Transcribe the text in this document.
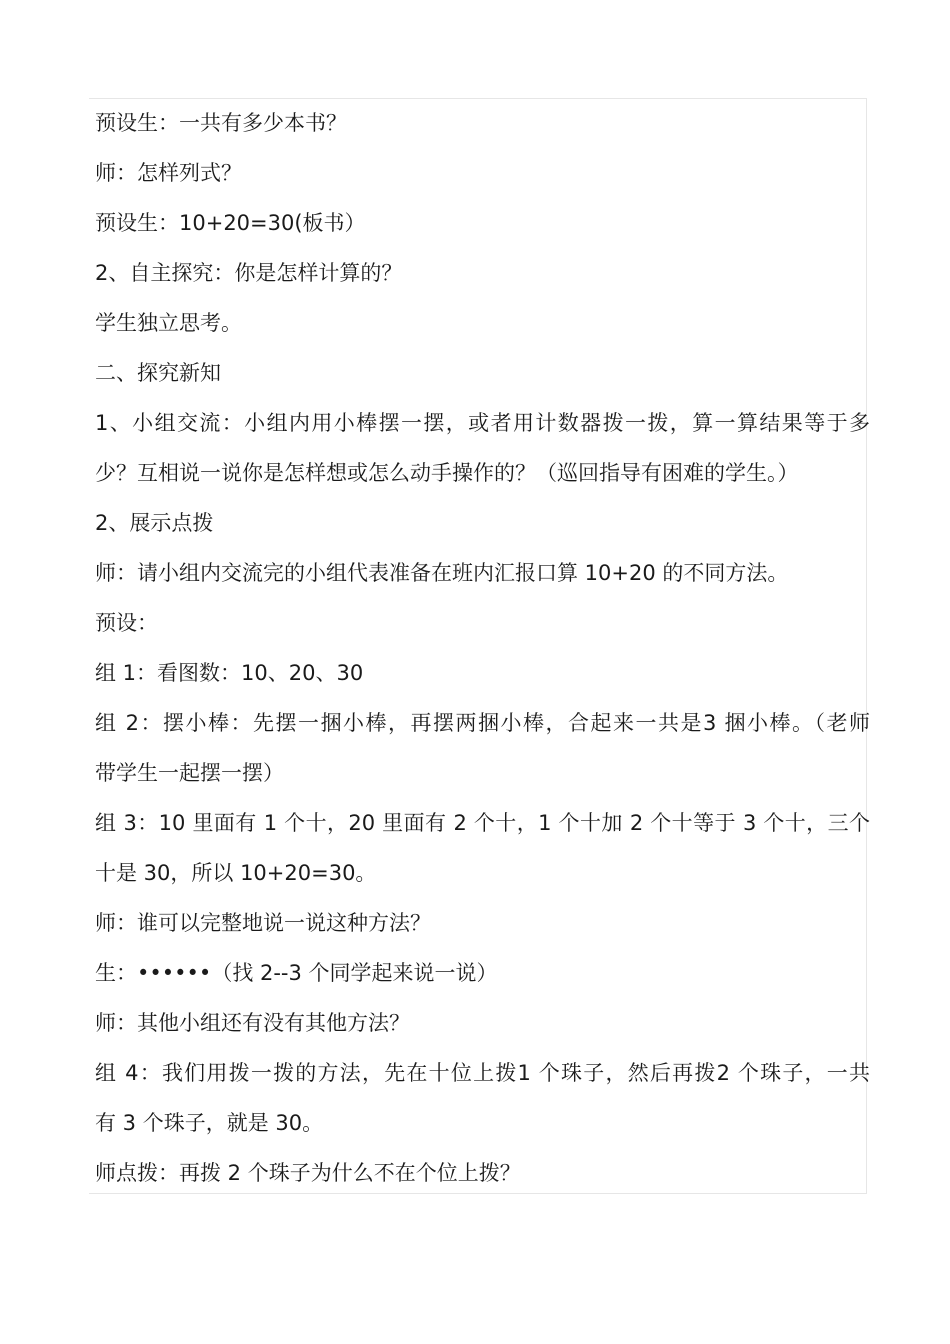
预设生：一共有多少本书？

师：怎样列式？

预设生：10+20=30(板书）

2、自主探究：你是怎样计算的？

学生独立思考。

二、探究新知

1、小组交流：小组内用小棒摆一摆，或者用计数器拨一拨，算一算结果等于多

少？互相说一说你是怎样想或怎么动手操作的？（巡回指导有困难的学生。）

2、展示点拨

师：请小组内交流完的小组代表准备在班内汇报口算 10+20 的不同方法。

预设：

组 1：看图数：10、20、30

组 2：摆小棒：先摆一捆小棒，再摆两捆小棒，合起来一共是3 捆小棒。（老师

带学生一起摆一摆）

组 3：10 里面有 1 个十，20 里面有 2 个十，1 个十加 2 个十等于 3 个十，三个

十是 30，所以 10+20=30。

师：谁可以完整地说一说这种方法？

生：••••••（找 2--3 个同学起来说一说）

师：其他小组还有没有其他方法？

组 4：我们用拨一拨的方法，先在十位上拨1 个珠子，然后再拨2 个珠子，一共

有 3 个珠子，就是 30。

师点拨：再拨 2 个珠子为什么不在个位上拨？
